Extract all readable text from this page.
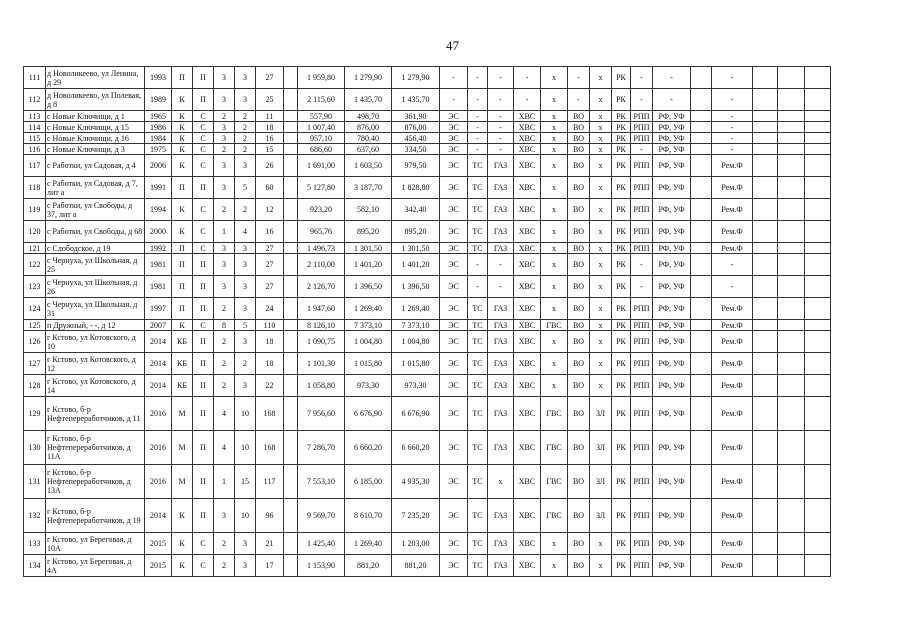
47
111	д Новоликеево, ул Ленина, д 29	1993	П	П	3	3	27		1 959,80	1 279,90	1 279,90	-	-	-	-	х	-	х	РК	-	-		-			
112	д Новоликеево, ул Полевая, д 8	1989	К	П	3	3	25		2 115,60	1 435,70	1 435,70	-	-	-	-	х	-	х	РК	-	-		-			
113	с Новые Ключищи, д 1	1965	К	С	2	2	11		557,90	498,70	361,90	ЭС	-	-	ХВС	х	ВО	х	РК	РПП	РФ, УФ		-			
114	с Новые Ключищи, д 15	1986	К	С	3	2	18		1 007,40	876,00	876,00	ЭС	-	-	ХВС	х	ВО	х	РК	РПП	РФ, УФ		-			
115	с Новые Ключищи, д 16	1984	К	С	3	2	16		957,10	780,40	456,40	ЭС	-	-	ХВС	х	ВО	х	РК	РПП	РФ, УФ		-			
116	с Новые Ключищи, д 3	1975	К	С	2	2	15		686,60	637,60	334,50	ЭС	-	-	ХВС	х	ВО	х	РК	-	РФ, УФ		-			
117	с Работки, ул Садовая, д 4	2006	К	С	3	3	26		1 691,00	1 603,50	979,50	ЭС	ТС	ГАЗ	ХВС	х	ВО	х	РК	РПП	РФ, УФ		Рем.Ф			
118	с Работки, ул Садовая, д 7, лит а	1991	П	П	3	5	60		5 127,80	3 187,70	1 828,80	ЭС	ТС	ГАЗ	ХВС	х	ВО	х	РК	РПП	РФ, УФ		Рем.Ф			
119	с Работки, ул Свободы, д 37, лит а	1994	К	С	2	2	12		923,20	582,10	342,40	ЭС	ТС	ГАЗ	ХВС	х	ВО	х	РК	РПП	РФ, УФ		Рем.Ф			
120	с Работки, ул Свободы, д 68	2000	К	С	1	4	16		965,76	895,20	895,20	ЭС	ТС	ГАЗ	ХВС	х	ВО	х	РК	РПП	РФ, УФ		Рем.Ф			
121	с Слободское, д 19	1992	П	С	3	3	27		1 496,73	1 301,50	1 301,50	ЭС	ТС	ГАЗ	ХВС	х	ВО	х	РК	РПП	РФ, УФ		Рем.Ф			
122	с Чернуха, ул Школьная, д 25	1981	П	П	3	3	27		2 110,00	1 401,20	1 401,20	ЭС	-	-	ХВС	х	ВО	х	РК	-	РФ, УФ		-			
123	с Чернуха, ул Школьная, д 26	1981	П	П	3	3	27		2 126,70	1 396,50	1 396,50	ЭС	-	-	ХВС	х	ВО	х	РК	-	РФ, УФ		-			
124	с Чернуха, ул Школьная, д 31	1997	П	П	2	3	24		1 947,60	1 269,40	1 269,40	ЭС	ТС	ГАЗ	ХВС	х	ВО	х	РК	РПП	РФ, УФ		Рем.Ф			
125	п Дружный, - -, д 12	2007	К	С	8	5	110		8 126,10	7 373,10	7 373,10	ЭС	ТС	ГАЗ	ХВС	ГВС	ВО	х	РК	РПП	РФ, УФ		Рем.Ф			
126	г Кстово, ул Котовского, д 10	2014	КБ	П	2	3	18		1 090,75	1 004,80	1 004,80	ЭС	ТС	ГАЗ	ХВС	х	ВО	х	РК	РПП	РФ, УФ		Рем.Ф			
127	г Кстово, ул Котовского, д 12	2014	КБ	П	2	2	18		1 101,30	1 015,80	1 015,80	ЭС	ТС	ГАЗ	ХВС	х	ВО	х	РК	РПП	РФ, УФ		Рем.Ф			
128	г Кстово, ул Котовского, д 14	2014	КБ	П	2	3	22		1 058,80	973,30	973,30	ЭС	ТС	ГАЗ	ХВС	х	ВО	х	РК	РПП	РФ, УФ		Рем.Ф			
129	г Кстово, б-р Нефтепереработчиков, д 11	2016	М	П	4	10	168		7 956,60	6 676,90	6 676,90	ЭС	ТС	ГАЗ	ХВС	ГВС	ВО	ЗЛ	РК	РПП	РФ, УФ		Рем.Ф			
130	г Кстово, б-р Нефтепереработчиков, д 11А	2016	М	П	4	10	168		7 286,70	6 660,20	6 660,20	ЭС	ТС	ГАЗ	ХВС	ГВС	ВО	ЗЛ	РК	РПП	РФ, УФ		Рем.Ф			
131	г Кстово, б-р Нефтепереработчиков, д 13А	2016	М	П	1	15	117		7 553,10	6 185,00	4 935,30	ЭС	ТС	х	ХВС	ГВС	ВО	ЗЛ	РК	РПП	РФ, УФ		Рем.Ф			
132	г Кстово, б-р Нефтепереработчиков, д 19	2014	К	П	3	10	96		9 569,70	8 610,70	7 235,20	ЭС	ТС	ГАЗ	ХВС	ГВС	ВО	ЗЛ	РК	РПП	РФ, УФ		Рем.Ф			
133	г Кстово, ул Береговая, д 10А	2015	К	С	2	3	21		1 425,40	1 269,40	1 203,00	ЭС	ТС	ГАЗ	ХВС	х	ВО	х	РК	РПП	РФ, УФ		Рем.Ф			
134	г Кстово, ул Береговая, д 4А	2015	К	С	2	3	17		1 153,90	881,20	881,20	ЭС	ТС	ГАЗ	ХВС	х	ВО	х	РК	РПП	РФ, УФ		Рем.Ф			
